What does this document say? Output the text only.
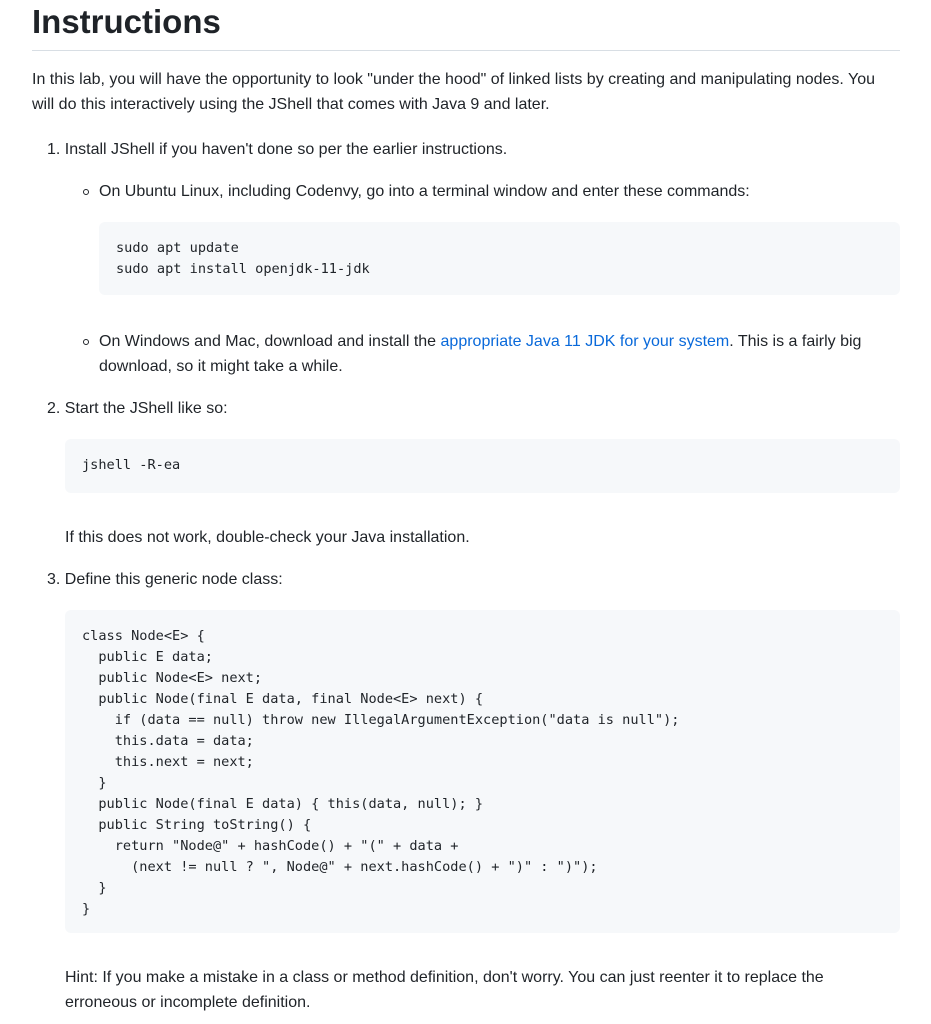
Instructions

In this lab, you will have the opportunity to look "under the hood" of linked lists by creating and manipulating nodes. You will do this interactively using the JShell that comes with Java 9 and later.

1. Install JShell if you haven't done so per the earlier instructions.
On Ubuntu Linux, including Codenvy, go into a terminal window and enter these commands:
sudo apt update
sudo apt install openjdk-11-jdk
On Windows and Mac, download and install the appropriate Java 11 JDK for your system. This is a fairly big download, so it might take a while.
2. Start the JShell like so:
jshell -R-ea
If this does not work, double-check your Java installation.
3. Define this generic node class:
class Node<E> {
public E data;
public Node<E> next;
public Node(final E data, final Node<E> next) {
if (data == null) throw new IllegalArgumentException("data is null");
this.data = data;
this.next = next;
}
public Node(final E data) { this(data, null); }
public String toString() {
return "Node@" + hashCode() + "(" + data +
(next != null ? ", Node@" + next.hashCode() + ")" : ")");
}
}
Hint: If you make a mistake in a class or method definition, don't worry. You can just reenter it to replace the erroneous or incomplete definition.
